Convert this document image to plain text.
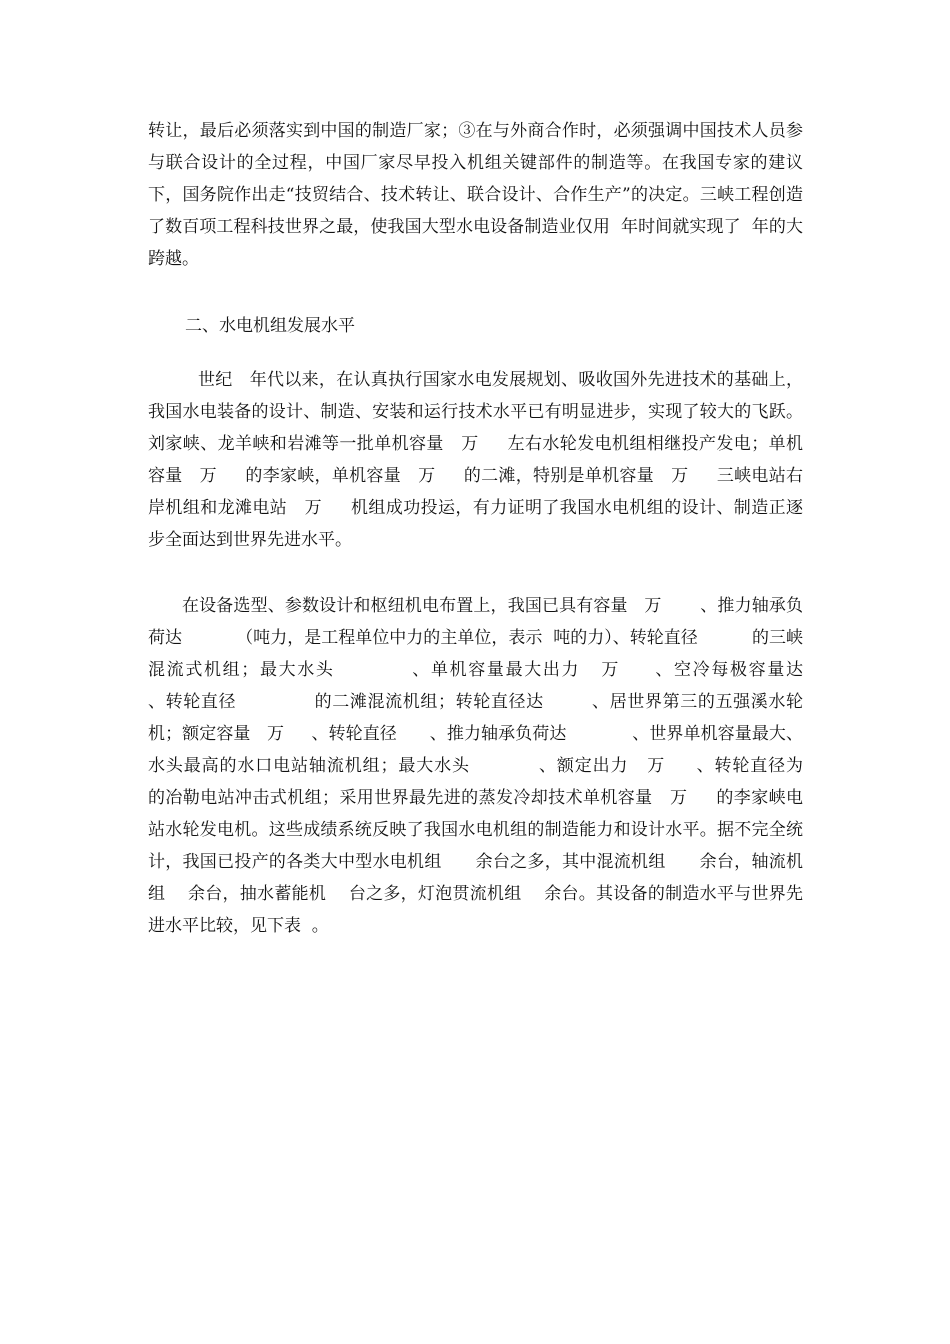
转让，最后必须落实到中国的制造厂家；③在与外商合作时，必须强调中国技术人员参与联合设计的全过程，中国厂家尽早投入机组关键部件的制造等。在我国专家的建议下，国务院作出走“技贸结合、技术转让、联合设计、合作生产”的决定。三峡工程创造了数百项工程科技世界之最，使我国大型水电设备制造业仅用  年时间就实现了  年的大跨越。

二、水电机组发展水平

世纪   年代以来，在认真执行国家水电发展规划、吸收国外先进技术的基础上，我国水电装备的设计、制造、安装和运行技术水平已有明显进步，实现了较大的飞跃。刘家峡、龙羊峡和岩滩等一批单机容量   万     左右水轮发电机组相继投产发电；单机容量   万     的李家峡，单机容量   万     的二滩，特别是单机容量   万     三峡电站右岸机组和龙滩电站   万     机组成功投运，有力证明了我国水电机组的设计、制造正逐步全面达到世界先进水平。

在设备选型、参数设计和枢纽机电布置上，我国已具有容量   万       、推力轴承负荷达          （吨力，是工程单位中力的主单位，表示  吨的力）、转轮直径          的三峡混流式机组；最大水头           、单机容量最大出力   万     、空冷每极容量达                  、转轮直径             的二滩混流机组；转轮直径达        、居世界第三的五强溪水轮机；额定容量   万     、转轮直径      、推力轴承负荷达            、世界单机容量最大、水头最高的水口电站轴流机组；最大水头           、额定出力   万     、转轮直径为          的冶勒电站冲击式机组；采用世界最先进的蒸发冷却技术单机容量   万     的李家峡电站水轮发电机。这些成绩系统反映了我国水电机组的制造能力和设计水平。据不完全统计，我国已投产的各类大中型水电机组      余台之多，其中混流机组      余台，轴流机组    余台，抽水蓄能机    台之多，灯泡贯流机组    余台。其设备的制造水平与世界先进水平比较，见下表  。
